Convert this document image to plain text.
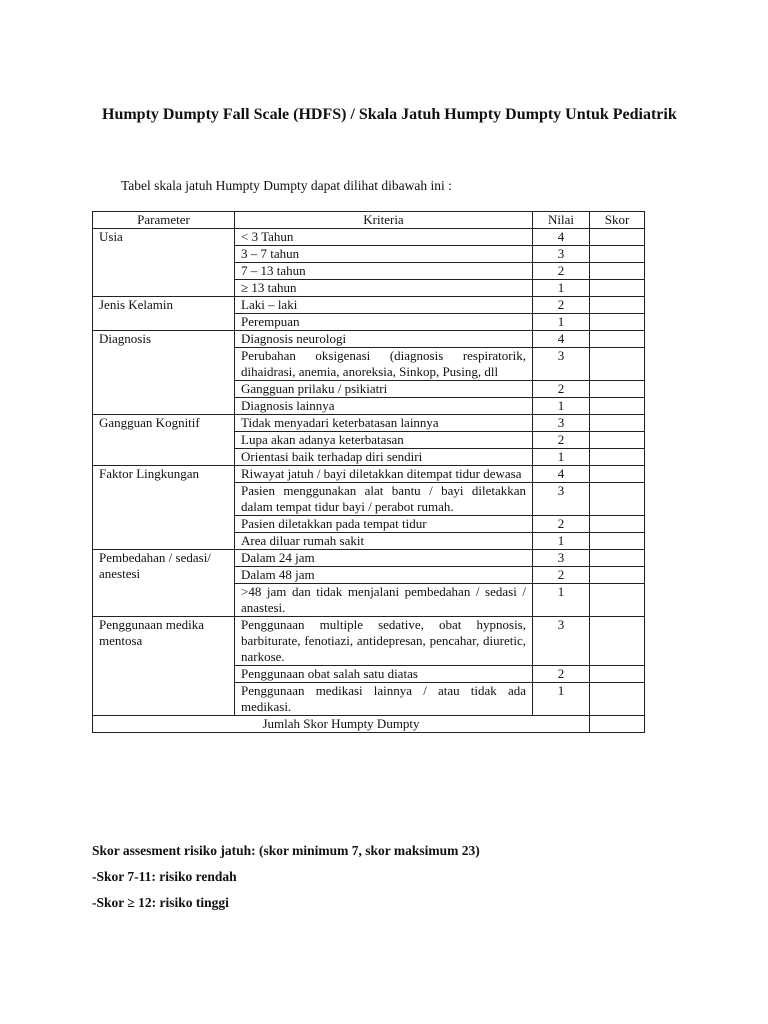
Humpty Dumpty Fall Scale (HDFS) / Skala Jatuh Humpty Dumpty Untuk Pediatrik

Tabel skala jatuh Humpty Dumpty dapat dilihat dibawah ini :

Parameter	Kriteria	Nilai	Skor
Usia	< 3 Tahun	4	
	3 – 7 tahun	3	
	7 – 13 tahun	2	
	≥ 13 tahun	1	
Jenis Kelamin	Laki – laki	2	
	Perempuan	1	
Diagnosis	Diagnosis neurologi	4	
	Perubahan oksigenasi (diagnosis respiratorik, dihaidrasi, anemia, anoreksia, Sinkop, Pusing, dll	3	
	Gangguan prilaku / psikiatri	2	
	Diagnosis lainnya	1	
Gangguan Kognitif	Tidak menyadari keterbatasan lainnya	3	
	Lupa akan adanya keterbatasan	2	
	Orientasi baik terhadap diri sendiri	1	
Faktor Lingkungan	Riwayat jatuh / bayi diletakkan ditempat tidur dewasa	4	
	Pasien menggunakan alat bantu / bayi diletakkan dalam tempat tidur bayi / perabot rumah.	3	
	Pasien diletakkan pada tempat tidur	2	
	Area diluar rumah sakit	1	
Pembedahan / sedasi/ anestesi	Dalam 24 jam	3	
	Dalam 48 jam	2	
	>48 jam dan tidak menjalani pembedahan / sedasi / anastesi.	1	
Penggunaan medika mentosa	Penggunaan multiple sedative, obat hypnosis, barbiturate, fenotiazi, antidepresan, pencahar, diuretic, narkose.	3	
	Penggunaan obat salah satu diatas	2	
	Penggunaan medikasi lainnya / atau tidak ada medikasi.	1	
Jumlah Skor Humpty Dumpty			

Skor assesment risiko jatuh: (skor minimum 7, skor maksimum 23)

-Skor 7-11: risiko rendah

-Skor ≥ 12: risiko tinggi
